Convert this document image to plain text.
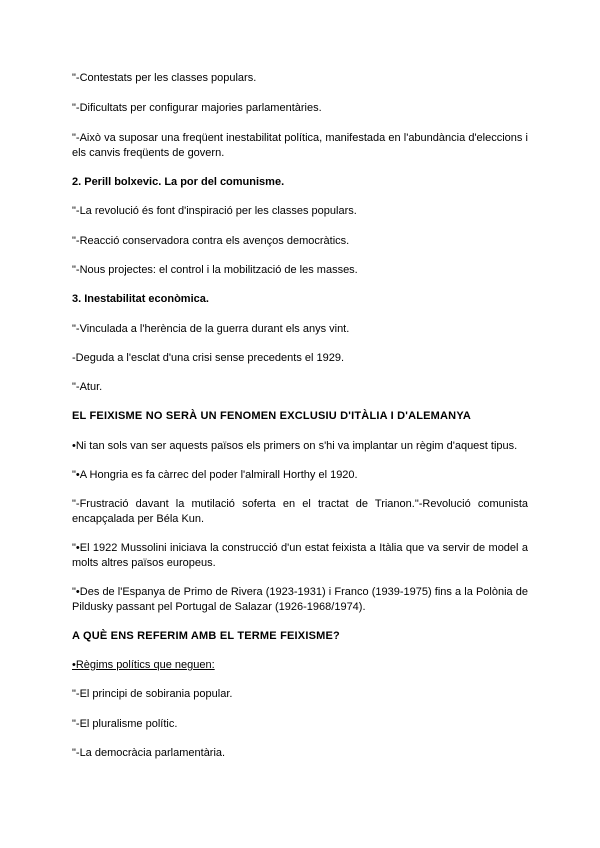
"-Contestats per les classes populars.

"-Dificultats per configurar majories parlamentàries.

"-Això va suposar una freqüent inestabilitat política, manifestada en l'abundància d'eleccions i els canvis freqüents de govern.

2. Perill bolxevic. La por del comunisme.

"-La revolució és font d'inspiració per les classes populars.

"-Reacció conservadora contra els avenços democràtics.

"-Nous projectes: el control i la mobilització de les masses.

3. Inestabilitat econòmica.

"-Vinculada a l'herència de la guerra durant els anys vint.

-Deguda a l'esclat d'una crisi sense precedents el 1929.

"-Atur.

EL FEIXISME NO SERÀ UN FENOMEN EXCLUSIU D'ITÀLIA I D'ALEMANYA

•Ni tan sols van ser aquests països els primers on s'hi va implantar un règim d'aquest tipus.

"•A Hongria es fa càrrec del poder l'almirall Horthy el 1920.

"-Frustració davant la mutilació soferta en el tractat de Trianon."-Revolució comunista encapçalada per Béla Kun.

"•El 1922 Mussolini iniciava la construcció d'un estat feixista a Itàlia que va servir de model a molts altres països europeus.

"•Des de l'Espanya de Primo de Rivera (1923-1931) i Franco (1939-1975) fins a la Polònia de Pildusky passant pel Portugal de Salazar (1926-1968/1974).

A QUÈ ENS REFERIM AMB EL TERME FEIXISME?

•Règims polítics que neguen:

"-El principi de sobirania popular.

"-El pluralisme polític.

"-La democràcia parlamentària.
